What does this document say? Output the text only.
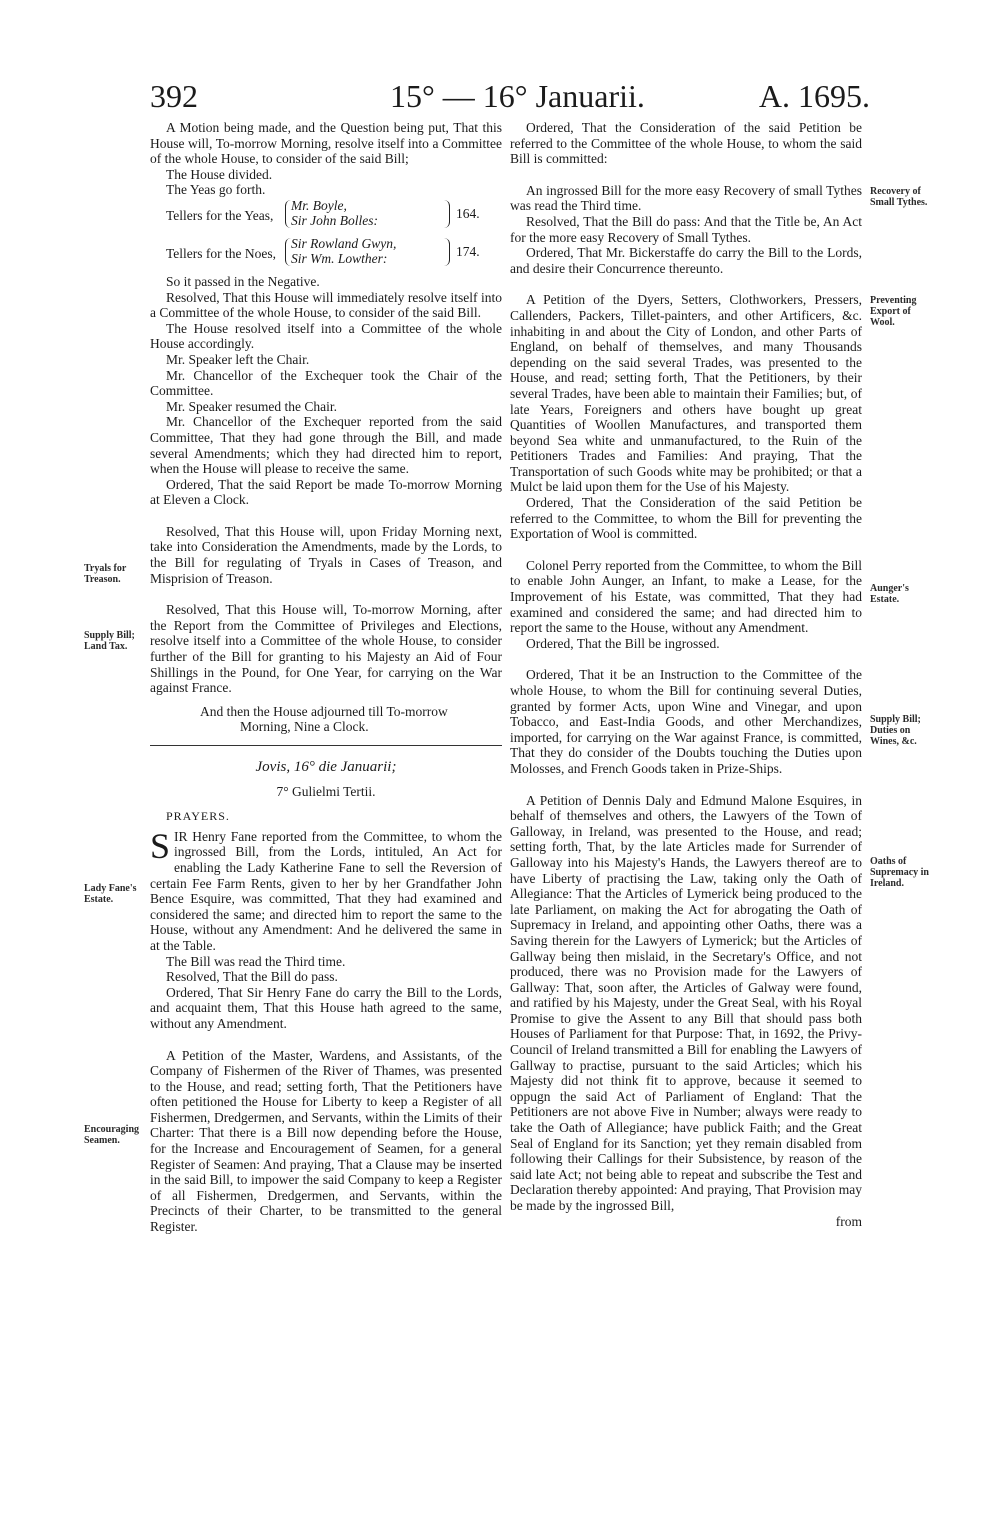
392	15° — 16° Januarii.	A. 1695.
Tryals for Treason.
Supply Bill; Land Tax.
Lady Fane's Estate.
Encouraging Seamen.
Recovery of Small Tythes.
Preventing Export of Wool.
Aunger's Estate.
Supply Bill; Duties on Wines, &c.
Oaths of Supremacy in Ireland.

A Motion being made, and the Question being put, That this House will, To-morrow Morning, resolve itself into a Committee of the whole House, to consider of the said Bill;

The House divided.

The Yeas go forth.

Tellers for the Yeas,
Mr. Boyle,
Sir John Bolles:	164.
Tellers for the Noes,
Sir Rowland Gwyn,
Sir Wm. Lowther:	174.

So it passed in the Negative.

Resolved, That this House will immediately resolve itself into a Committee of the whole House, to consider of the said Bill.

The House resolved itself into a Committee of the whole House accordingly.

Mr. Speaker left the Chair.

Mr. Chancellor of the Exchequer took the Chair of the Committee.

Mr. Speaker resumed the Chair.

Mr. Chancellor of the Exchequer reported from the said Committee, That they had gone through the Bill, and made several Amendments; which they had directed him to report, when the House will please to receive the same.

Ordered, That the said Report be made To-morrow Morning at Eleven a Clock.

Resolved, That this House will, upon Friday Morning next, take into Consideration the Amendments, made by the Lords, to the Bill for regulating of Tryals in Cases of Treason, and Misprision of Treason.

Resolved, That this House will, To-morrow Morning, after the Report from the Committee of Privileges and Elections, resolve itself into a Committee of the whole House, to consider further of the Bill for granting to his Majesty an Aid of Four Shillings in the Pound, for One Year, for carrying on the War against France.

And then the House adjourned till To-morrow
Morning, Nine a Clock.
Jovis, 16° die Januarii;
7° Gulielmi Tertii.
PRAYERS.
S IR Henry Fane reported from the Committee, to whom the ingrossed Bill, from the Lords, intituled, An Act for enabling the Lady Katherine Fane to sell the Reversion of certain Fee Farm Rents, given to her by her Grandfather John Bence Esquire, was committed, That they had examined and considered the same; and directed him to report the same to the House, without any Amendment: And he delivered the same in at the Table.

The Bill was read the Third time.

Resolved, That the Bill do pass.

Ordered, That Sir Henry Fane do carry the Bill to the Lords, and acquaint them, That this House hath agreed to the same, without any Amendment.

A Petition of the Master, Wardens, and Assistants, of the Company of Fishermen of the River of Thames, was presented to the House, and read; setting forth, That the Petitioners have often petitioned the House for Liberty to keep a Register of all Fishermen, Dredgermen, and Servants, within the Limits of their Charter: That there is a Bill now depending before the House, for the Increase and Encouragement of Seamen, for a general Register of Seamen: And praying, That a Clause may be inserted in the said Bill, to impower the said Company to keep a Register of all Fishermen, Dredgermen, and Servants, within the Precincts of their Charter, to be transmitted to the general Register.

Ordered, That the Consideration of the said Petition be referred to the Committee of the whole House, to whom the said Bill is committed:

An ingrossed Bill for the more easy Recovery of small Tythes was read the Third time.

Resolved, That the Bill do pass: And that the Title be, An Act for the more easy Recovery of Small Tythes.

Ordered, That Mr. Bickerstaffe do carry the Bill to the Lords, and desire their Concurrence thereunto.

A Petition of the Dyers, Setters, Clothworkers, Pressers, Callenders, Packers, Tillet-painters, and other Artificers, &c. inhabiting in and about the City of London, and other Parts of England, on behalf of themselves, and many Thousands depending on the said several Trades, was presented to the House, and read; setting forth, That the Petitioners, by their several Trades, have been able to maintain their Families; but, of late Years, Foreigners and others have bought up great Quantities of Woollen Manufactures, and transported them beyond Sea white and unmanufactured, to the Ruin of the Petitioners Trades and Families: And praying, That the Transportation of such Goods white may be prohibited; or that a Mulct be laid upon them for the Use of his Majesty.

Ordered, That the Consideration of the said Petition be referred to the Committee, to whom the Bill for preventing the Exportation of Wool is committed.

Colonel Perry reported from the Committee, to whom the Bill to enable John Aunger, an Infant, to make a Lease, for the Improvement of his Estate, was committed, That they had examined and considered the same; and had directed him to report the same to the House, without any Amendment.

Ordered, That the Bill be ingrossed.

Ordered, That it be an Instruction to the Committee of the whole House, to whom the Bill for continuing several Duties, granted by former Acts, upon Wine and Vinegar, and upon Tobacco, and East-India Goods, and other Merchandizes, imported, for carrying on the War against France, is committed, That they do consider of the Doubts touching the Duties upon Molosses, and French Goods taken in Prize-Ships.

A Petition of Dennis Daly and Edmund Malone Esquires, in behalf of themselves and others, the Lawyers of the Town of Galloway, in Ireland, was presented to the House, and read; setting forth, That, by the late Articles made for Surrender of Galloway into his Majesty's Hands, the Lawyers thereof are to have Liberty of practising the Law, taking only the Oath of Allegiance: That the Articles of Lymerick being produced to the late Parliament, on making the Act for abrogating the Oath of Supremacy in Ireland, and appointing other Oaths, there was a Saving therein for the Lawyers of Lymerick; but the Articles of Gallway being then mislaid, in the Secretary's Office, and not produced, there was no Provision made for the Lawyers of Gallway: That, soon after, the Articles of Galway were found, and ratified by his Majesty, under the Great Seal, with his Royal Promise to give the Assent to any Bill that should pass both Houses of Parliament for that Purpose: That, in 1692, the Privy-Council of Ireland transmitted a Bill for enabling the Lawyers of Gallway to practise, pursuant to the said Articles; which his Majesty did not think fit to approve, because it seemed to oppugn the said Act of Parliament of England: That the Petitioners are not above Five in Number; always were ready to take the Oath of Allegiance; have publick Faith; and the Great Seal of England for its Sanction; yet they remain disabled from following their Callings for their Subsistence, by reason of the said late Act; not being able to repeat and subscribe the Test and Declaration thereby appointed: And praying, That Provision may be made by the ingrossed Bill,

from
